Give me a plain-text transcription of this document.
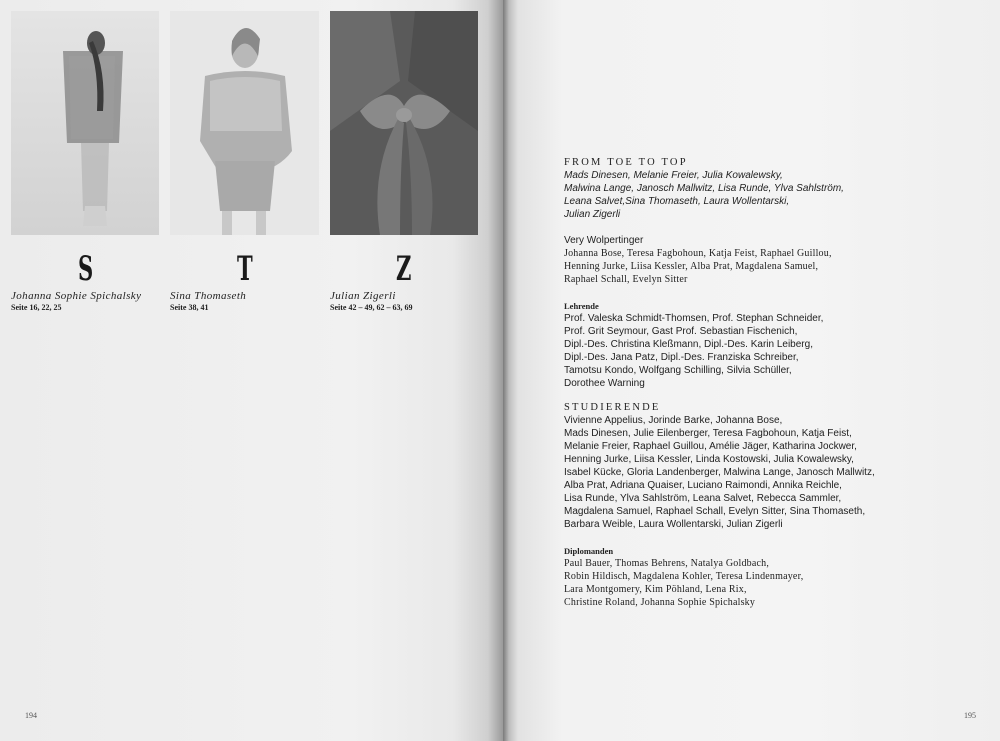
S	T	Z
Johanna Sophie Spichalsky	Sina Thomaseth	Julian Zigerli
Seite 16, 22, 25	Seite 38, 41	Seite 42 – 49, 62 – 63, 69
194

FROM TOE TO TOP

Mads Dinesen, Melanie Freier, Julia Kowalewsky,
Malwina Lange, Janosch Mallwitz, Lisa Runde, Ylva Sahlström,
Leana Salvet,Sina Thomaseth, Laura Wollentarski,
Julian Zigerli

Very Wolpertinger

Johanna Bose, Teresa Fagbohoun, Katja Feist, Raphael Guillou,
Henning Jurke, Liisa Kessler, Alba Prat, Magdalena Samuel,
Raphael Schall, Evelyn Sitter

Lehrende

Prof. Valeska Schmidt-Thomsen, Prof. Stephan Schneider,
Prof. Grit Seymour, Gast Prof. Sebastian Fischenich,
Dipl.-Des. Christina Kleßmann, Dipl.-Des. Karin Leiberg,
Dipl.-Des. Jana Patz, Dipl.-Des. Franziska Schreiber,
Tamotsu Kondo, Wolfgang Schilling, Silvia Schüller,
Dorothee Warning

STUDIERENDE

Vivienne Appelius, Jorinde Barke, Johanna Bose,
Mads Dinesen, Julie Eilenberger, Teresa Fagbohoun, Katja Feist,
Melanie Freier, Raphael Guillou, Amélie Jäger, Katharina Jockwer,
Henning Jurke, Liisa Kessler, Linda Kostowski, Julia Kowalewsky,
Isabel Kücke, Gloria Landenberger, Malwina Lange, Janosch Mallwitz,
Alba Prat, Adriana Quaiser, Luciano Raimondi, Annika Reichle,
Lisa Runde, Ylva Sahlström, Leana Salvet, Rebecca Sammler,
Magdalena Samuel, Raphael Schall, Evelyn Sitter, Sina Thomaseth,
Barbara Weible, Laura Wollentarski, Julian Zigerli

Diplomanden

Paul Bauer, Thomas Behrens, Natalya Goldbach,
Robin Hildisch, Magdalena Kohler, Teresa Lindenmayer,
Lara Montgomery, Kim Pöhland, Lena Rix,
Christine Roland, Johanna Sophie Spichalsky

195
